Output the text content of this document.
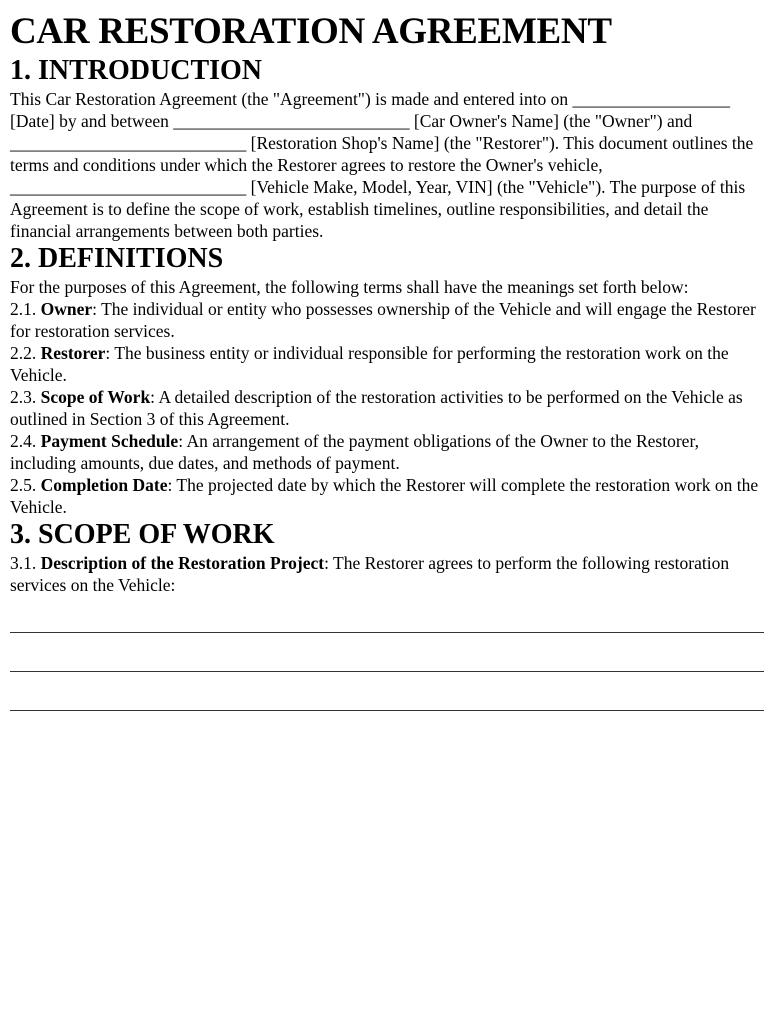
CAR RESTORATION AGREEMENT
1. INTRODUCTION

This Car Restoration Agreement (the "Agreement") is made and entered into on __________________ [Date] by and between ___________________________ [Car Owner's Name] (the "Owner") and ___________________________ [Restoration Shop's Name] (the "Restorer"). This document outlines the terms and conditions under which the Restorer agrees to restore the Owner's vehicle, ___________________________ [Vehicle Make, Model, Year, VIN] (the "Vehicle"). The purpose of this Agreement is to define the scope of work, establish timelines, outline responsibilities, and detail the financial arrangements between both parties.

2. DEFINITIONS

For the purposes of this Agreement, the following terms shall have the meanings set forth below:

2.1. Owner: The individual or entity who possesses ownership of the Vehicle and will engage the Restorer for restoration services.

2.2. Restorer: The business entity or individual responsible for performing the restoration work on the Vehicle.

2.3. Scope of Work: A detailed description of the restoration activities to be performed on the Vehicle as outlined in Section 3 of this Agreement.

2.4. Payment Schedule: An arrangement of the payment obligations of the Owner to the Restorer, including amounts, due dates, and methods of payment.

2.5. Completion Date: The projected date by which the Restorer will complete the restoration work on the Vehicle.

3. SCOPE OF WORK

3.1. Description of the Restoration Project: The Restorer agrees to perform the following restoration services on the Vehicle:
